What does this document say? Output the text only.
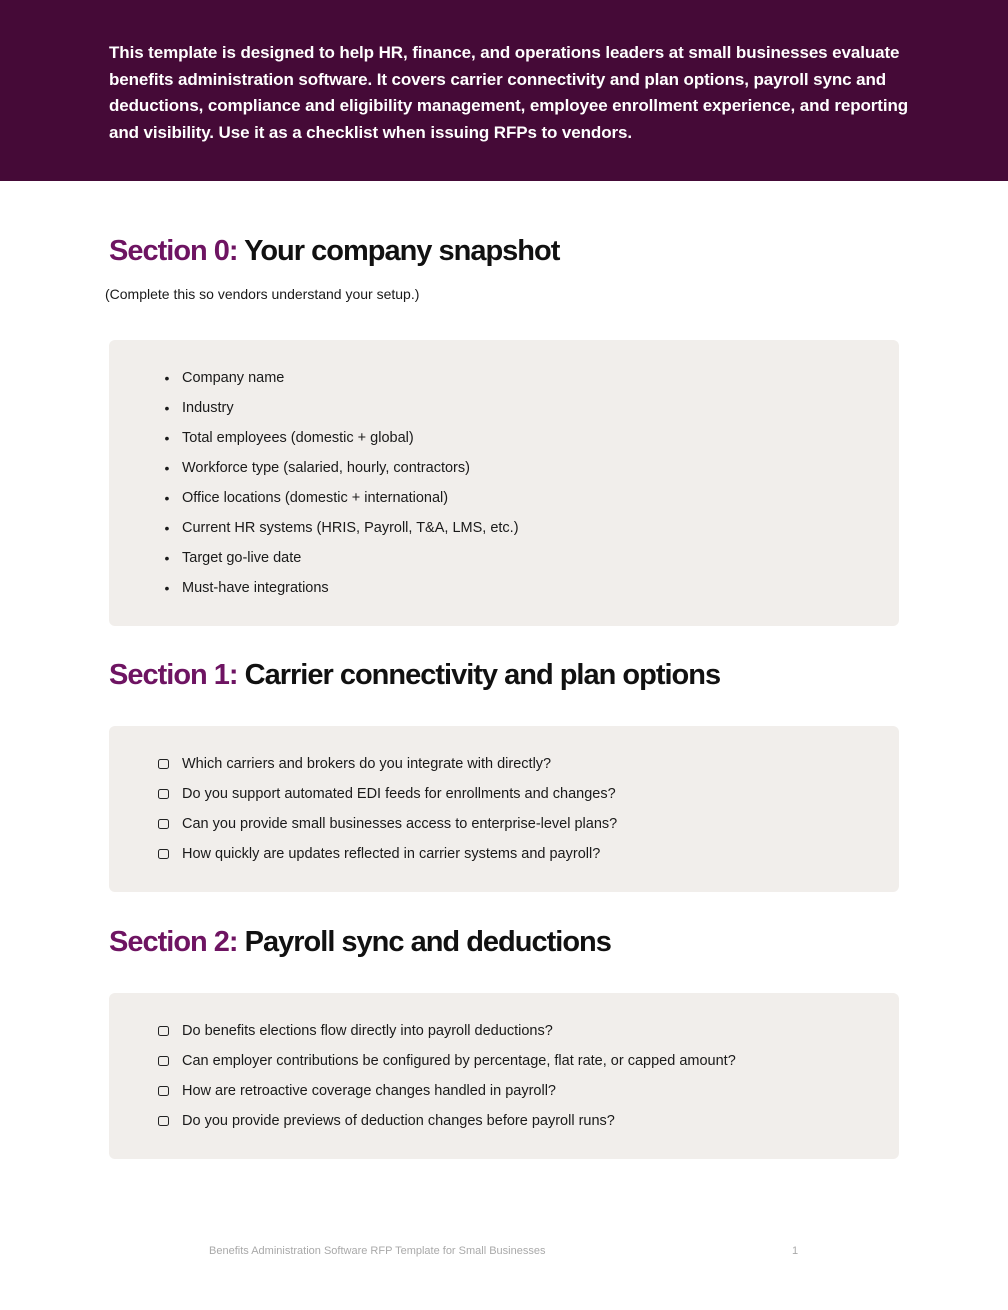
This template is designed to help HR, finance, and operations leaders at small businesses evaluate benefits administration software. It covers carrier connectivity and plan options, payroll sync and deductions, compliance and eligibility management, employee enrollment experience, and reporting and visibility. Use it as a checklist when issuing RFPs to vendors.

Section 0: Your company snapshot

(Complete this so vendors understand your setup.)

• Company name
• Industry
• Total employees (domestic + global)
• Workforce type (salaried, hourly, contractors)
• Office locations (domestic + international)
• Current HR systems (HRIS, Payroll, T&A, LMS, etc.)
• Target go-live date
• Must-have integrations
Section 1: Carrier connectivity and plan options
Which carriers and brokers do you integrate with directly?
Do you support automated EDI feeds for enrollments and changes?
Can you provide small businesses access to enterprise-level plans?
How quickly are updates reflected in carrier systems and payroll?
Section 2: Payroll sync and deductions
Do benefits elections flow directly into payroll deductions?
Can employer contributions be configured by percentage, flat rate, or capped amount?
How are retroactive coverage changes handled in payroll?
Do you provide previews of deduction changes before payroll runs?
Benefits Administration Software RFP Template for Small Businesses	1
